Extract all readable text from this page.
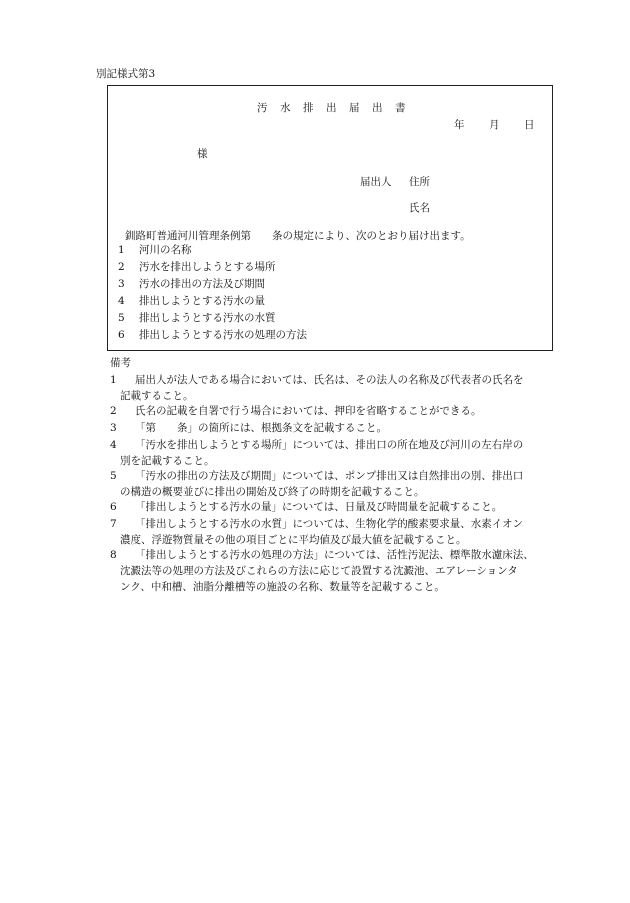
別記様式第3
汚　水　排　出　届　出　書
年 月 日
様
届出人 住所
氏名
釧路町普通河川管理条例第　　条の規定により、次のとおり届け出ます。
1 河川の名称
2 汚水を排出しようとする場所
3 汚水の排出の方法及び期間
4 排出しようとする汚水の量
5 排出しようとする汚水の水質
6 排出しようとする汚水の処理の方法
備考
1 届出人が法人である場合においては、氏名は、その法人の名称及び代表者の氏名を
記載すること。
2 氏名の記載を自署で行う場合においては、押印を省略することができる。
3 「第　　条」の箇所には、根拠条文を記載すること。
4 「汚水を排出しようとする場所」については、排出口の所在地及び河川の左右岸の
別を記載すること。
5 「汚水の排出の方法及び期間」については、ポンプ排出又は自然排出の別、排出口
の構造の概要並びに排出の開始及び終了の時期を記載すること。
6 「排出しようとする汚水の量」については、日量及び時間量を記載すること。
7 「排出しようとする汚水の水質」については、生物化学的酸素要求量、水素イオン
濃度、浮遊物質量その他の項目ごとに平均値及び最大値を記載すること。
8 「排出しようとする汚水の処理の方法」については、活性汚泥法、標準散水濾床法、
沈澱法等の処理の方法及びこれらの方法に応じて設置する沈澱池、エアレーションタ
ンク、中和槽、油脂分離槽等の施設の名称、数量等を記載すること。
